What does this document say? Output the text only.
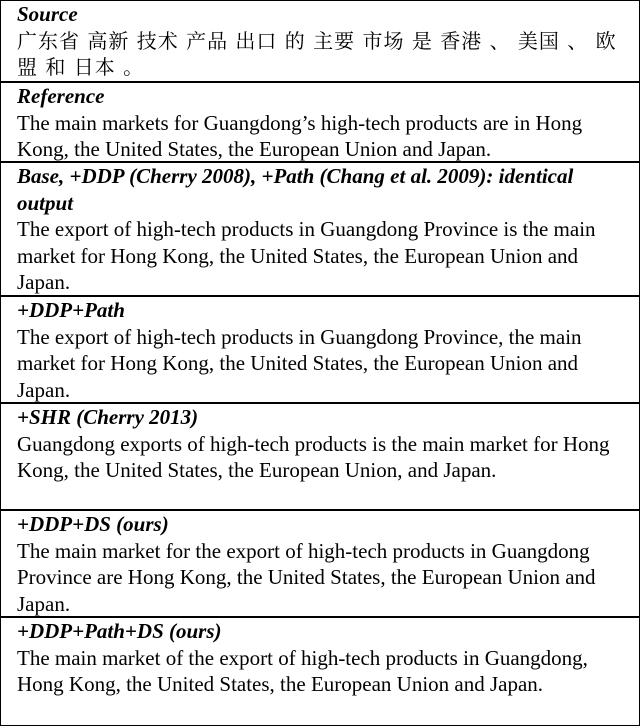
Source
广东省 高新 技术 产品 出口 的 主要 市场 是 香港 、 美国 、 欧盟 和 日本 。
Reference
The main markets for Guangdong’s high-tech products are in Hong Kong, the United States, the European Union and Japan.
Base, +DDP (Cherry 2008), +Path (Chang et al. 2009): identical output
The export of high-tech products in Guangdong Province is the main market for Hong Kong, the United States, the European Union and Japan.
+DDP+Path
The export of high-tech products in Guangdong Province, the main market for Hong Kong, the United States, the European Union and Japan.
+SHR (Cherry 2013)
Guangdong exports of high-tech products is the main market for Hong Kong, the United States, the European Union, and Japan.
+DDP+DS (ours)
The main market for the export of high-tech products in Guangdong Province are Hong Kong, the United States, the European Union and Japan.
+DDP+Path+DS (ours)
The main market of the export of high-tech products in Guangdong, Hong Kong, the United States, the European Union and Japan.
